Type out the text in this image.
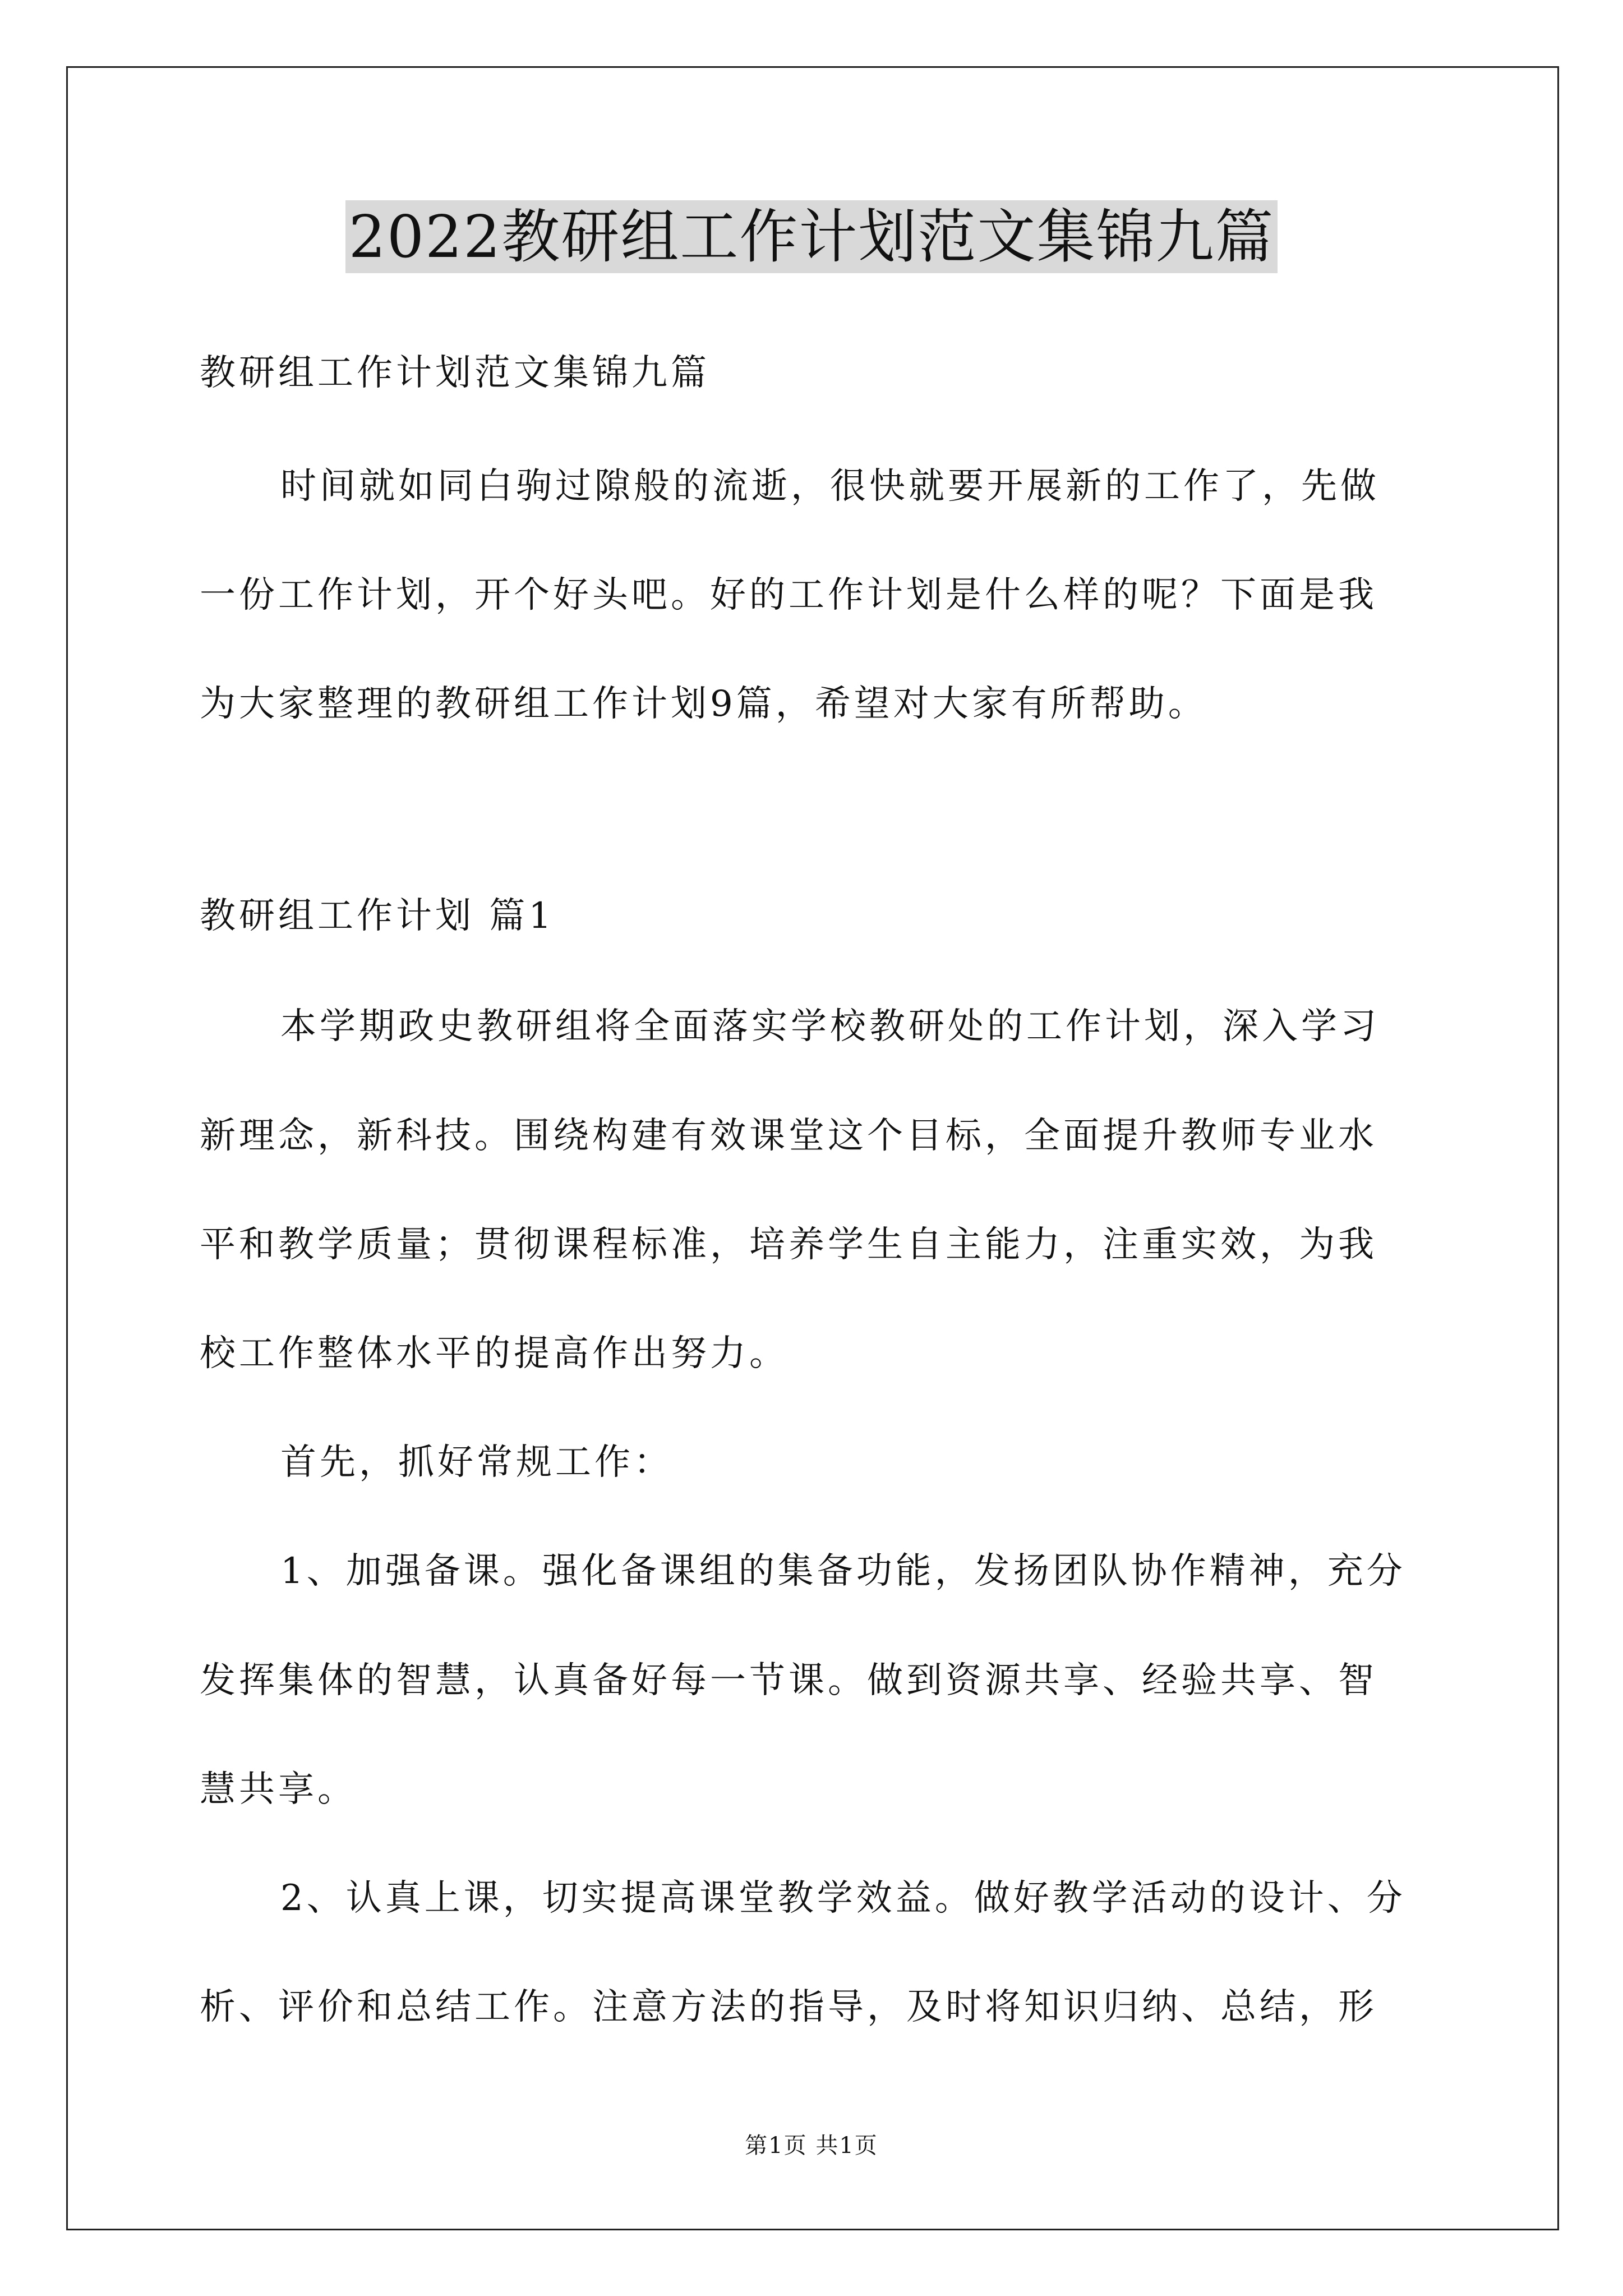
2022教研组工作计划范文集锦九篇
教研组工作计划范文集锦九篇
时间就如同白驹过隙般的流逝，很快就要开展新的工作了，先做
一份工作计划，开个好头吧。好的工作计划是什么样的呢？下面是我
为大家整理的教研组工作计划9篇，希望对大家有所帮助。
教研组工作计划 篇1
本学期政史教研组将全面落实学校教研处的工作计划，深入学习
新理念，新科技。围绕构建有效课堂这个目标，全面提升教师专业水
平和教学质量；贯彻课程标准，培养学生自主能力，注重实效，为我
校工作整体水平的提高作出努力。
首先，抓好常规工作：
1、加强备课。强化备课组的集备功能，发扬团队协作精神，充分
发挥集体的智慧，认真备好每一节课。做到资源共享、经验共享、智
慧共享。
2、认真上课，切实提高课堂教学效益。做好教学活动的设计、分
析、评价和总结工作。注意方法的指导，及时将知识归纳、总结，形
第1页 共1页
